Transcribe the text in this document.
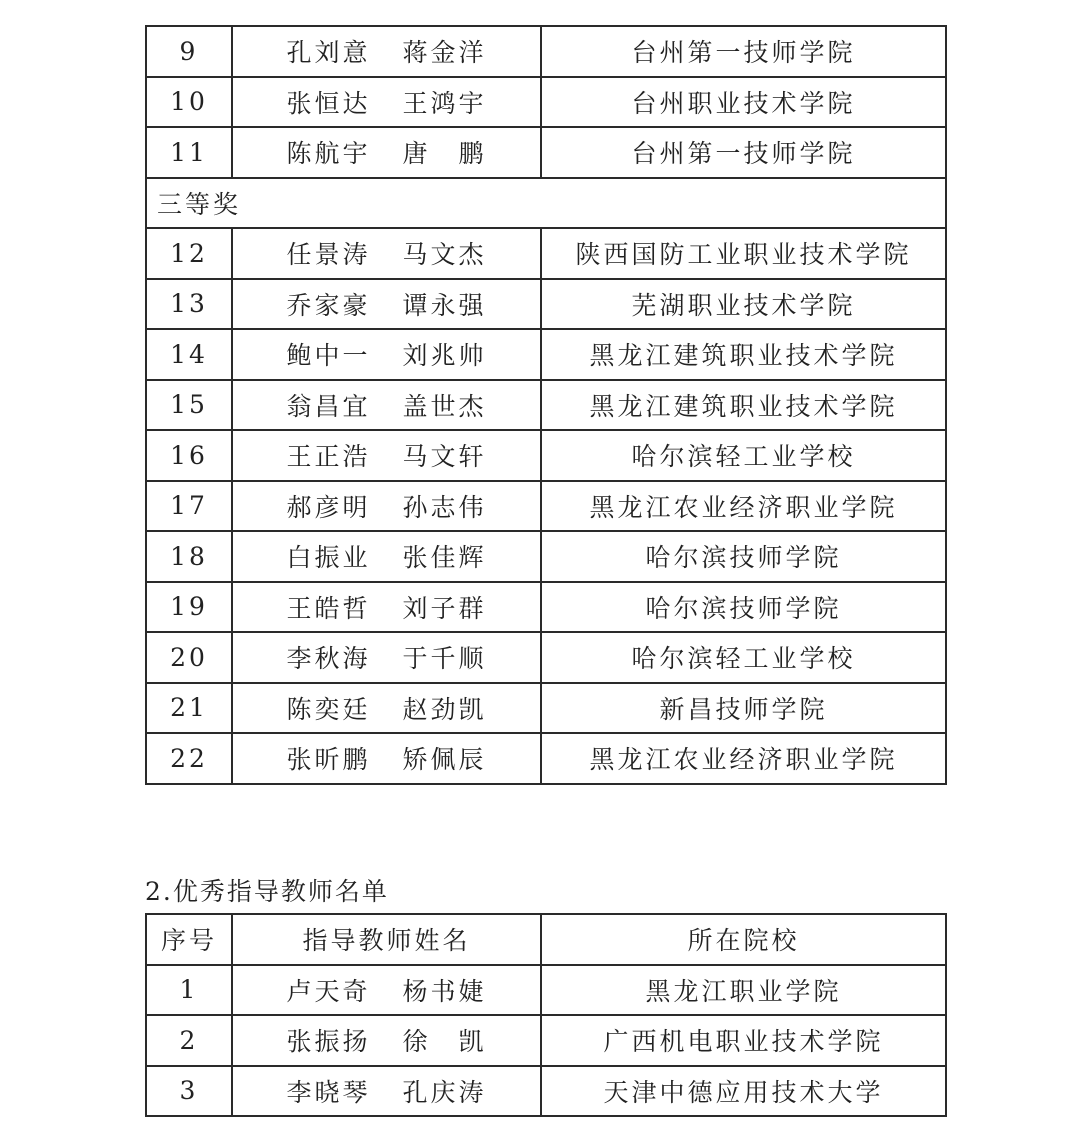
9	孔刘意 蒋金洋	台州第一技师学院
10	张恒达 王鸿宇	台州职业技术学院
11	陈航宇 唐　鹏	台州第一技师学院
三等奖		
12	任景涛 马文杰	陕西国防工业职业技术学院
13	乔家豪 谭永强	芜湖职业技术学院
14	鲍中一 刘兆帅	黑龙江建筑职业技术学院
15	翁昌宜 盖世杰	黑龙江建筑职业技术学院
16	王正浩 马文轩	哈尔滨轻工业学校
17	郝彦明 孙志伟	黑龙江农业经济职业学院
18	白振业 张佳辉	哈尔滨技师学院
19	王皓哲 刘子群	哈尔滨技师学院
20	李秋海 于千顺	哈尔滨轻工业学校
21	陈奕廷 赵劲凯	新昌技师学院
22	张昕鹏 矫佩辰	黑龙江农业经济职业学院
2.优秀指导教师名单
序号	指导教师姓名	所在院校
1	卢天奇 杨书婕	黑龙江职业学院
2	张振扬 徐　凯	广西机电职业技术学院
3	李晓琴 孔庆涛	天津中德应用技术大学
